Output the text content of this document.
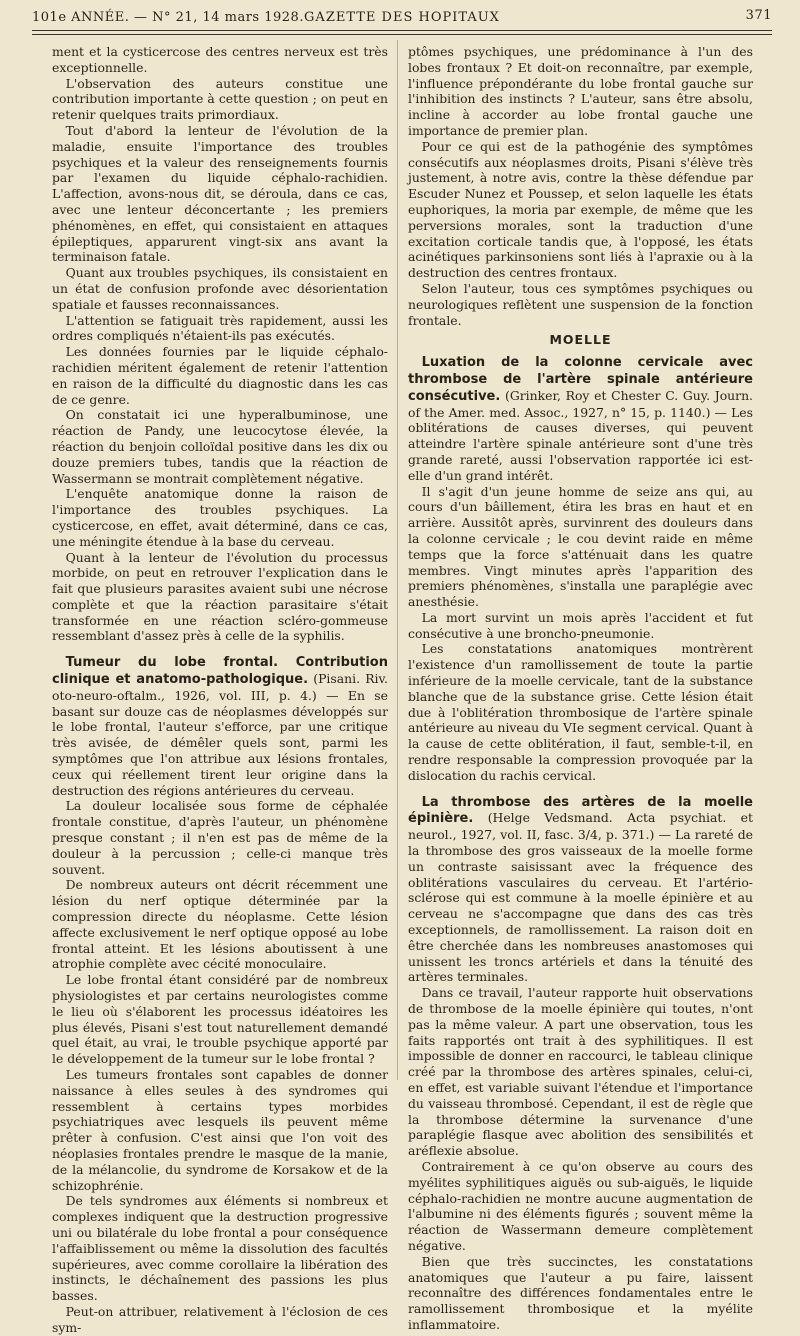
101e ANNÉE. — N° 21, 14 mars 1928. GAZETTE DES HOPITAUX	371

ment et la cysticercose des centres nerveux est très exceptionnelle.

L'observation des auteurs constitue une contribution importante à cette question ; on peut en retenir quelques traits primordiaux.

Tout d'abord la lenteur de l'évolution de la maladie, ensuite l'importance des troubles psychiques et la valeur des renseignements fournis par l'examen du liquide céphalo-rachidien. L'affection, avons-nous dit, se déroula, dans ce cas, avec une lenteur déconcertante ; les premiers phénomènes, en effet, qui consistaient en attaques épileptiques, apparurent vingt-six ans avant la terminaison fatale.

Quant aux troubles psychiques, ils consistaient en un état de confusion profonde avec désorientation spatiale et fausses reconnaissances.

L'attention se fatiguait très rapidement, aussi les ordres compliqués n'étaient-ils pas exécutés.

Les données fournies par le liquide céphalo-rachidien méritent également de retenir l'attention en raison de la difficulté du diagnostic dans les cas de ce genre.

On constatait ici une hyperalbuminose, une réaction de Pandy, une leucocytose élevée, la réaction du benjoin colloïdal positive dans les dix ou douze premiers tubes, tandis que la réaction de Wassermann se montrait complètement négative.

L'enquête anatomique donne la raison de l'importance des troubles psychiques. La cysticercose, en effet, avait déterminé, dans ce cas, une méningite étendue à la base du cerveau.

Quant à la lenteur de l'évolution du processus morbide, on peut en retrouver l'explication dans le fait que plusieurs parasites avaient subi une nécrose complète et que la réaction parasitaire s'était transformée en une réaction scléro-gommeuse ressemblant d'assez près à celle de la syphilis.

Tumeur du lobe frontal. Contribution clinique et anatomo-pathologique. (Pisani. Riv. oto-neuro-oftalm., 1926, vol. III, p. 4.) — En se basant sur douze cas de néoplasmes développés sur le lobe frontal, l'auteur s'efforce, par une critique très avisée, de démêler quels sont, parmi les symptômes que l'on attribue aux lésions frontales, ceux qui réellement tirent leur origine dans la destruction des régions antérieures du cerveau.

La douleur localisée sous forme de céphalée frontale constitue, d'après l'auteur, un phénomène presque constant ; il n'en est pas de même de la douleur à la percussion ; celle-ci manque très souvent.

De nombreux auteurs ont décrit récemment une lésion du nerf optique déterminée par la compression directe du néoplasme. Cette lésion affecte exclusivement le nerf optique opposé au lobe frontal atteint. Et les lésions aboutissent à une atrophie complète avec cécité monoculaire.

Le lobe frontal étant considéré par de nombreux physiologistes et par certains neurologistes comme le lieu où s'élaborent les processus idéatoires les plus élevés, Pisani s'est tout naturellement demandé quel était, au vrai, le trouble psychique apporté par le développement de la tumeur sur le lobe frontal ?

Les tumeurs frontales sont capables de donner naissance à elles seules à des syndromes qui ressemblent à certains types morbides psychiatriques avec lesquels ils peuvent même prêter à confusion. C'est ainsi que l'on voit des néoplasies frontales prendre le masque de la manie, de la mélancolie, du syndrome de Korsakow et de la schizophrénie.

De tels syndromes aux éléments si nombreux et complexes indiquent que la destruction progressive uni ou bilatérale du lobe frontal a pour conséquence l'affaiblissement ou même la dissolution des facultés supérieures, avec comme corollaire la libération des instincts, le déchaînement des passions les plus basses.

Peut-on attribuer, relativement à l'éclosion de ces sym-

ptômes psychiques, une prédominance à l'un des lobes frontaux ? Et doit-on reconnaître, par exemple, l'influence prépondérante du lobe frontal gauche sur l'inhibition des instincts ? L'auteur, sans être absolu, incline à accorder au lobe frontal gauche une importance de premier plan.

Pour ce qui est de la pathogénie des symptômes consécutifs aux néoplasmes droits, Pisani s'élève très justement, à notre avis, contre la thèse défendue par Escuder Nunez et Poussep, et selon laquelle les états euphoriques, la moria par exemple, de même que les perversions morales, sont la traduction d'une excitation corticale tandis que, à l'opposé, les états acinétiques parkinsoniens sont liés à l'apraxie ou à la destruction des centres frontaux.

Selon l'auteur, tous ces symptômes psychiques ou neurologiques reflètent une suspension de la fonction frontale.

MOELLE

Luxation de la colonne cervicale avec thrombose de l'artère spinale antérieure consécutive. (Grinker, Roy et Chester C. Guy. Journ. of the Amer. med. Assoc., 1927, n° 15, p. 1140.) — Les oblitérations de causes diverses, qui peuvent atteindre l'artère spinale antérieure sont d'une très grande rareté, aussi l'observation rapportée ici est-elle d'un grand intérêt.

Il s'agit d'un jeune homme de seize ans qui, au cours d'un bâillement, étira les bras en haut et en arrière. Aussitôt après, survinrent des douleurs dans la colonne cervicale ; le cou devint raide en même temps que la force s'atténuait dans les quatre membres. Vingt minutes après l'apparition des premiers phénomènes, s'installa une paraplégie avec anesthésie.

La mort survint un mois après l'accident et fut consécutive à une broncho-pneumonie.

Les constatations anatomiques montrèrent l'existence d'un ramollissement de toute la partie inférieure de la moelle cervicale, tant de la substance blanche que de la substance grise. Cette lésion était due à l'oblitération thrombosique de l'artère spinale antérieure au niveau du VIe segment cervical. Quant à la cause de cette oblitération, il faut, semble-t-il, en rendre responsable la compression provoquée par la dislocation du rachis cervical.

La thrombose des artères de la moelle épinière. (Helge Vedsmand. Acta psychiat. et neurol., 1927, vol. II, fasc. 3/4, p. 371.) — La rareté de la thrombose des gros vaisseaux de la moelle forme un contraste saisissant avec la fréquence des oblitérations vasculaires du cerveau. Et l'artério-sclérose qui est commune à la moelle épinière et au cerveau ne s'accompagne que dans des cas très exceptionnels, de ramollissement. La raison doit en être cherchée dans les nombreuses anastomoses qui unissent les troncs artériels et dans la ténuité des artères terminales.

Dans ce travail, l'auteur rapporte huit observations de thrombose de la moelle épinière qui toutes, n'ont pas la même valeur. A part une observation, tous les faits rapportés ont trait à des syphilitiques. Il est impossible de donner en raccourci, le tableau clinique créé par la thrombose des artères spinales, celui-ci, en effet, est variable suivant l'étendue et l'importance du vaisseau thrombosé. Cependant, il est de règle que la thrombose détermine la survenance d'une paraplégie flasque avec abolition des sensibilités et aréflexie absolue.

Contrairement à ce qu'on observe au cours des myélites syphilitiques aiguës ou sub-aiguës, le liquide céphalo-rachidien ne montre aucune augmentation de l'albumine ni des éléments figurés ; souvent même la réaction de Wassermann demeure complètement négative.

Bien que très succinctes, les constatations anatomiques que l'auteur a pu faire, laissent reconnaître des différences fondamentales entre le ramollissement thrombosique et la myélite inflammatoire.
